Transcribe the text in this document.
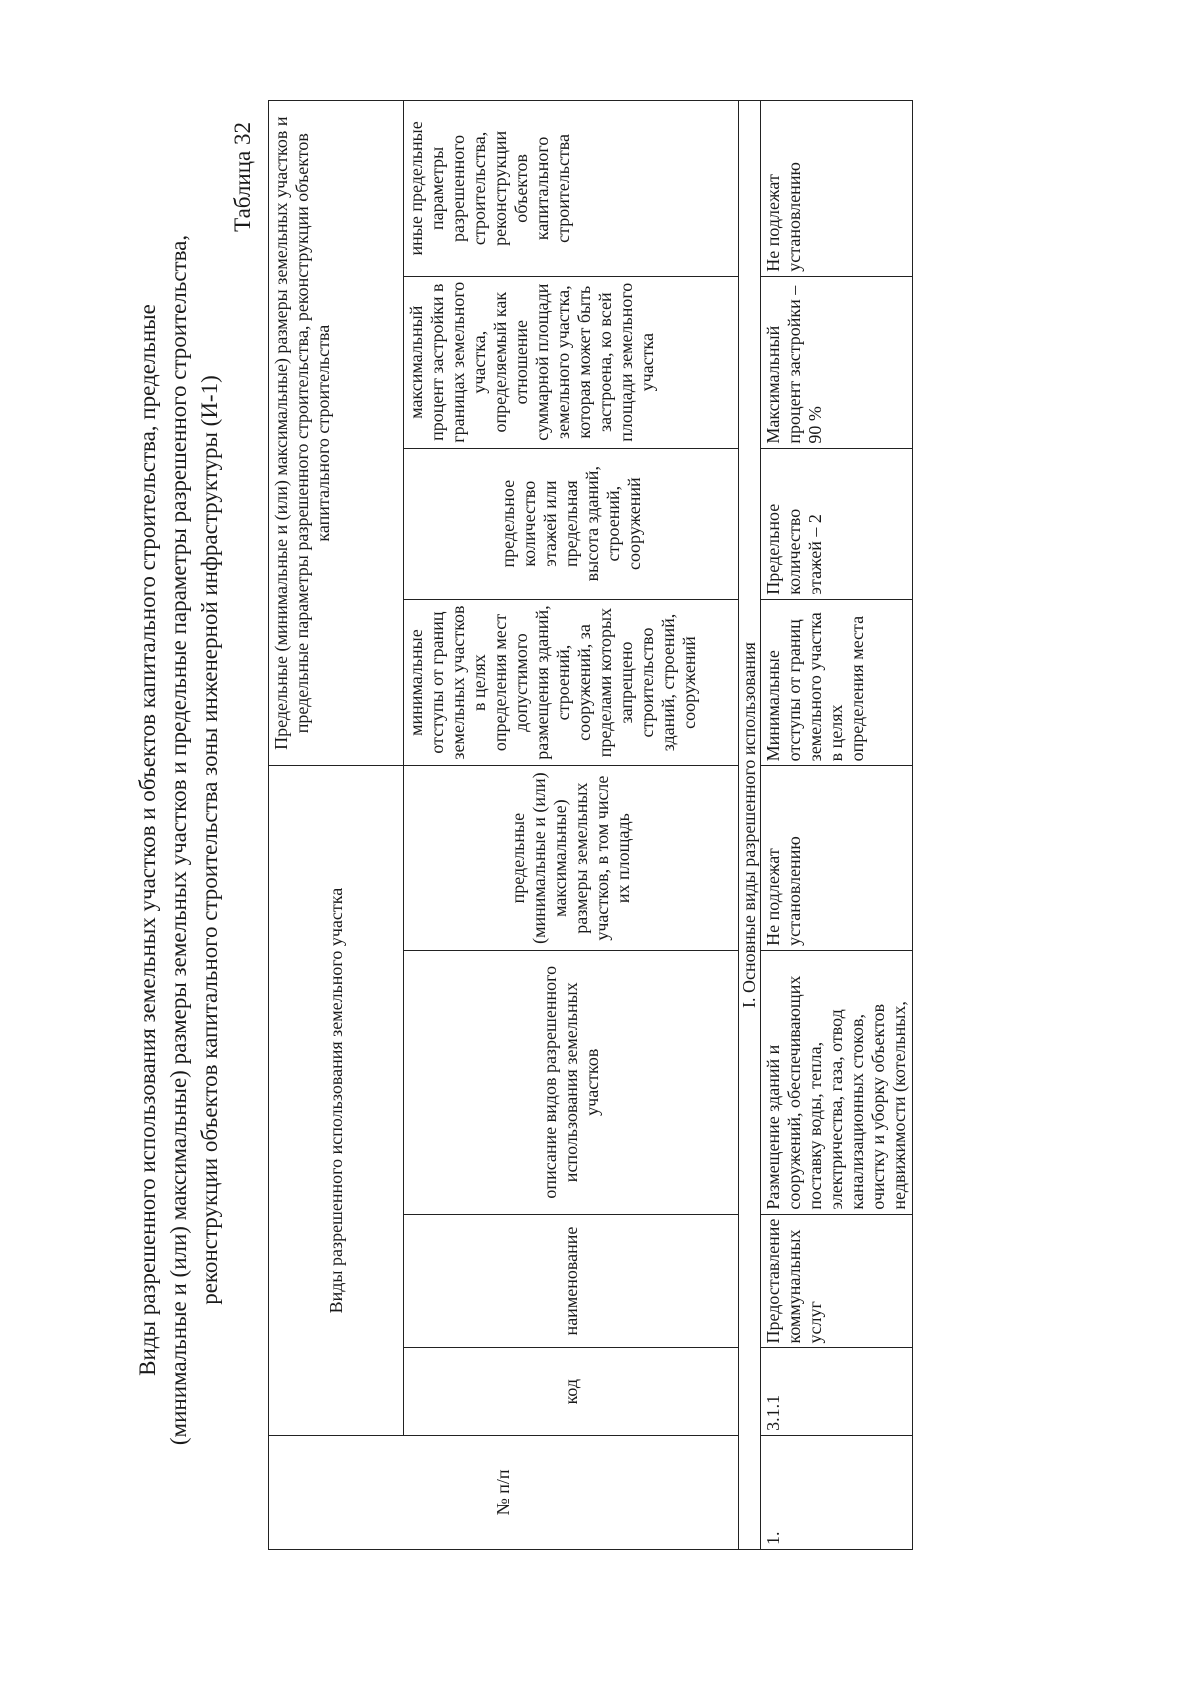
Виды разрешенного использования земельных участков и объектов капитального строительства, предельные (минимальные и (или) максимальные) размеры земельных участков и предельные параметры разрешенного строительства, реконструкции объектов капитального строительства зоны инженерной инфраструктуры (И-1)
Таблица 32
№ п/п	Виды разрешенного использования земельного участка				Предельные (минимальные и (или) максимальные) размеры земельных участков и предельные параметры разрешенного строительства, реконструкции объектов капитального строительства			
					минимальные отступы от границ земельных участков в целях определения мест допустимого размещения зданий, строений, сооружений, за пределами которых запрещено строительство зданий, строений, сооружений	предельное количество этажей или предельная высота зданий, строений, сооружений	максимальный процент застройки в границах земельного участка, определяемый как отношение суммарной площади земельного участка, которая может быть застроена, ко всей площади земельного участка	иные предельные параметры разрешенного строительства, реконструкции объектов капитального строительства
	код	наименование	описание видов разрешенного использования земельных участков	предельные (минимальные и (или) максимальные) размеры земельных участков, в том числе их площадь				
I. Основные виды разрешенного использования								
1.	3.1.1	Предоставление коммунальных услуг	Размещение зданий и сооружений, обеспечивающих поставку воды, тепла, электричества, газа, отвод канализационных стоков, очистку и уборку объектов недвижимости (котельных,	Не подлежат установлению	Минимальные отступы от границ земельного участка в целях определения места	Предельное количество этажей – 2	Максимальный процент застройки – 90 %	Не подлежат установлению
